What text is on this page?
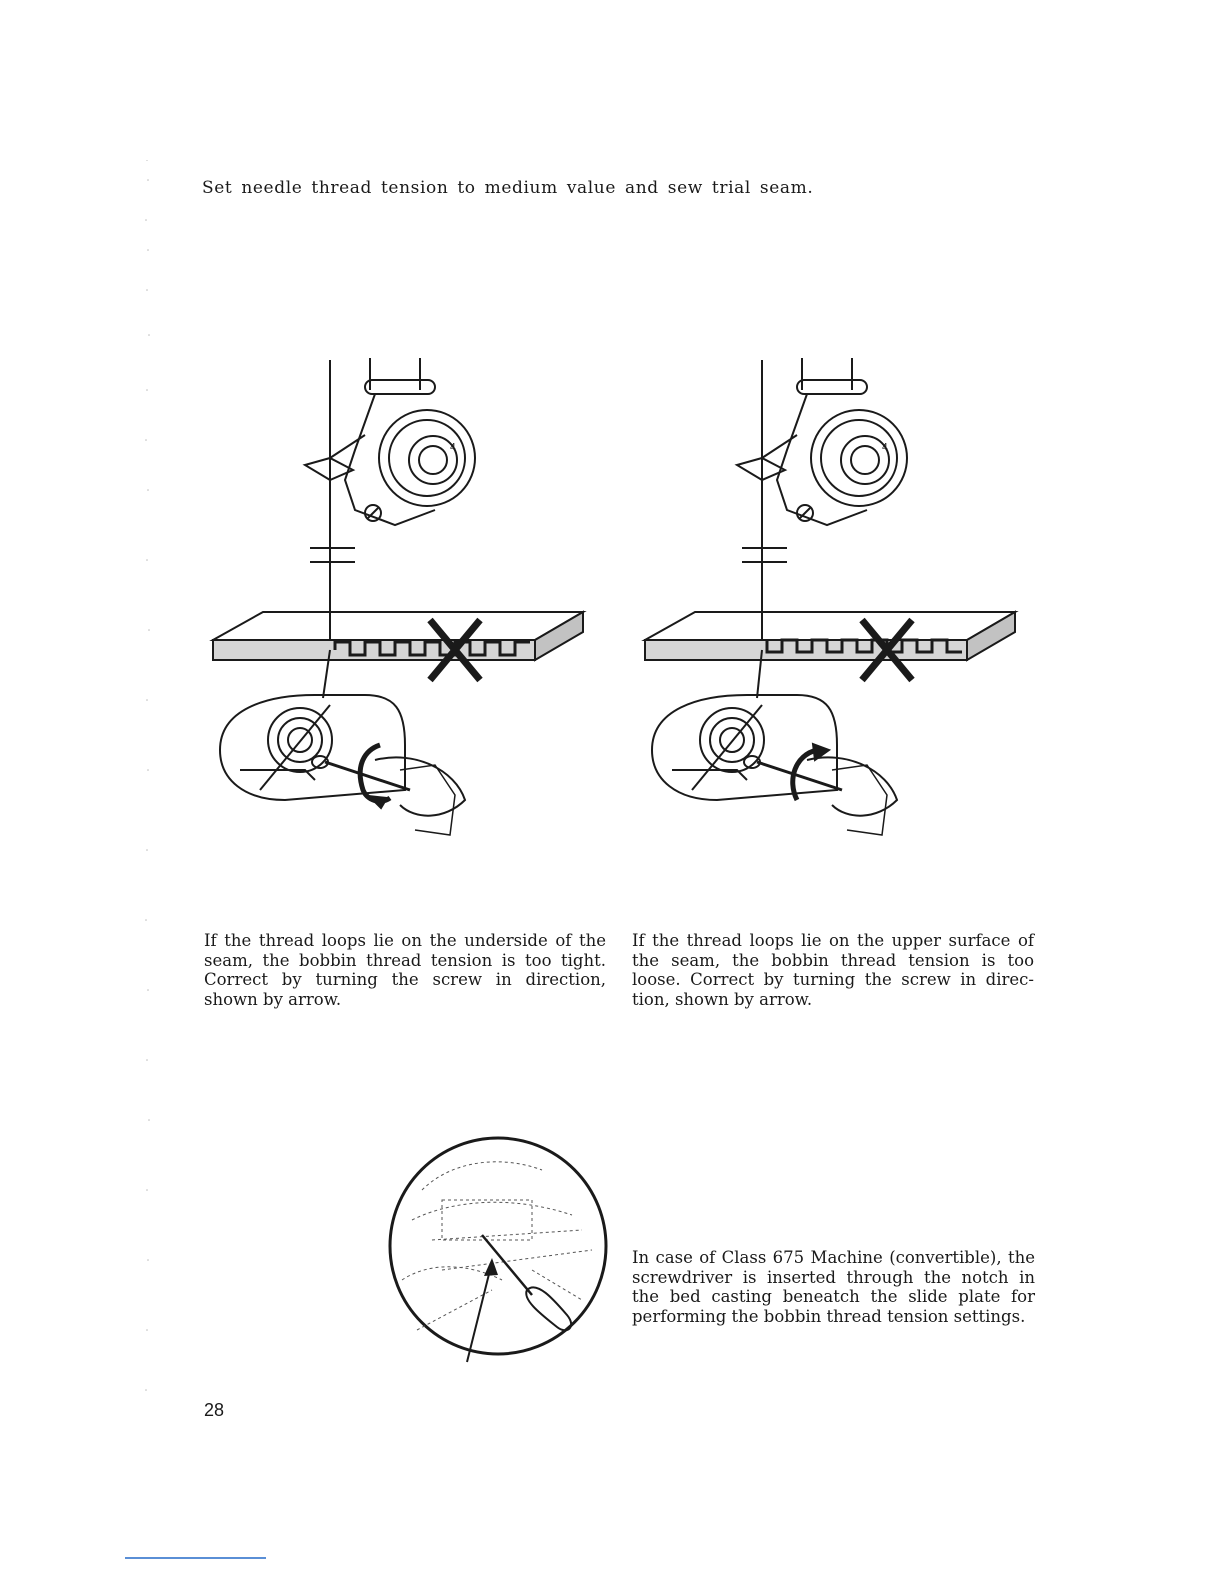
Set needle thread tension to medium value and sew trial seam.
4	4
If the thread loops lie on the underside of the seam, the bobbin thread tension is too tight. Correct by turning the screw in direction, shown by arrow.
If the thread loops lie on the upper surface of the seam, the bobbin thread tension is too loose. Correct by turning the screw in direc-tion, shown by arrow.
In case of Class 675 Machine (convertible), the screwdriver is inserted through the notch in the bed casting beneatch the slide plate for performing the bobbin thread tension settings.
28
